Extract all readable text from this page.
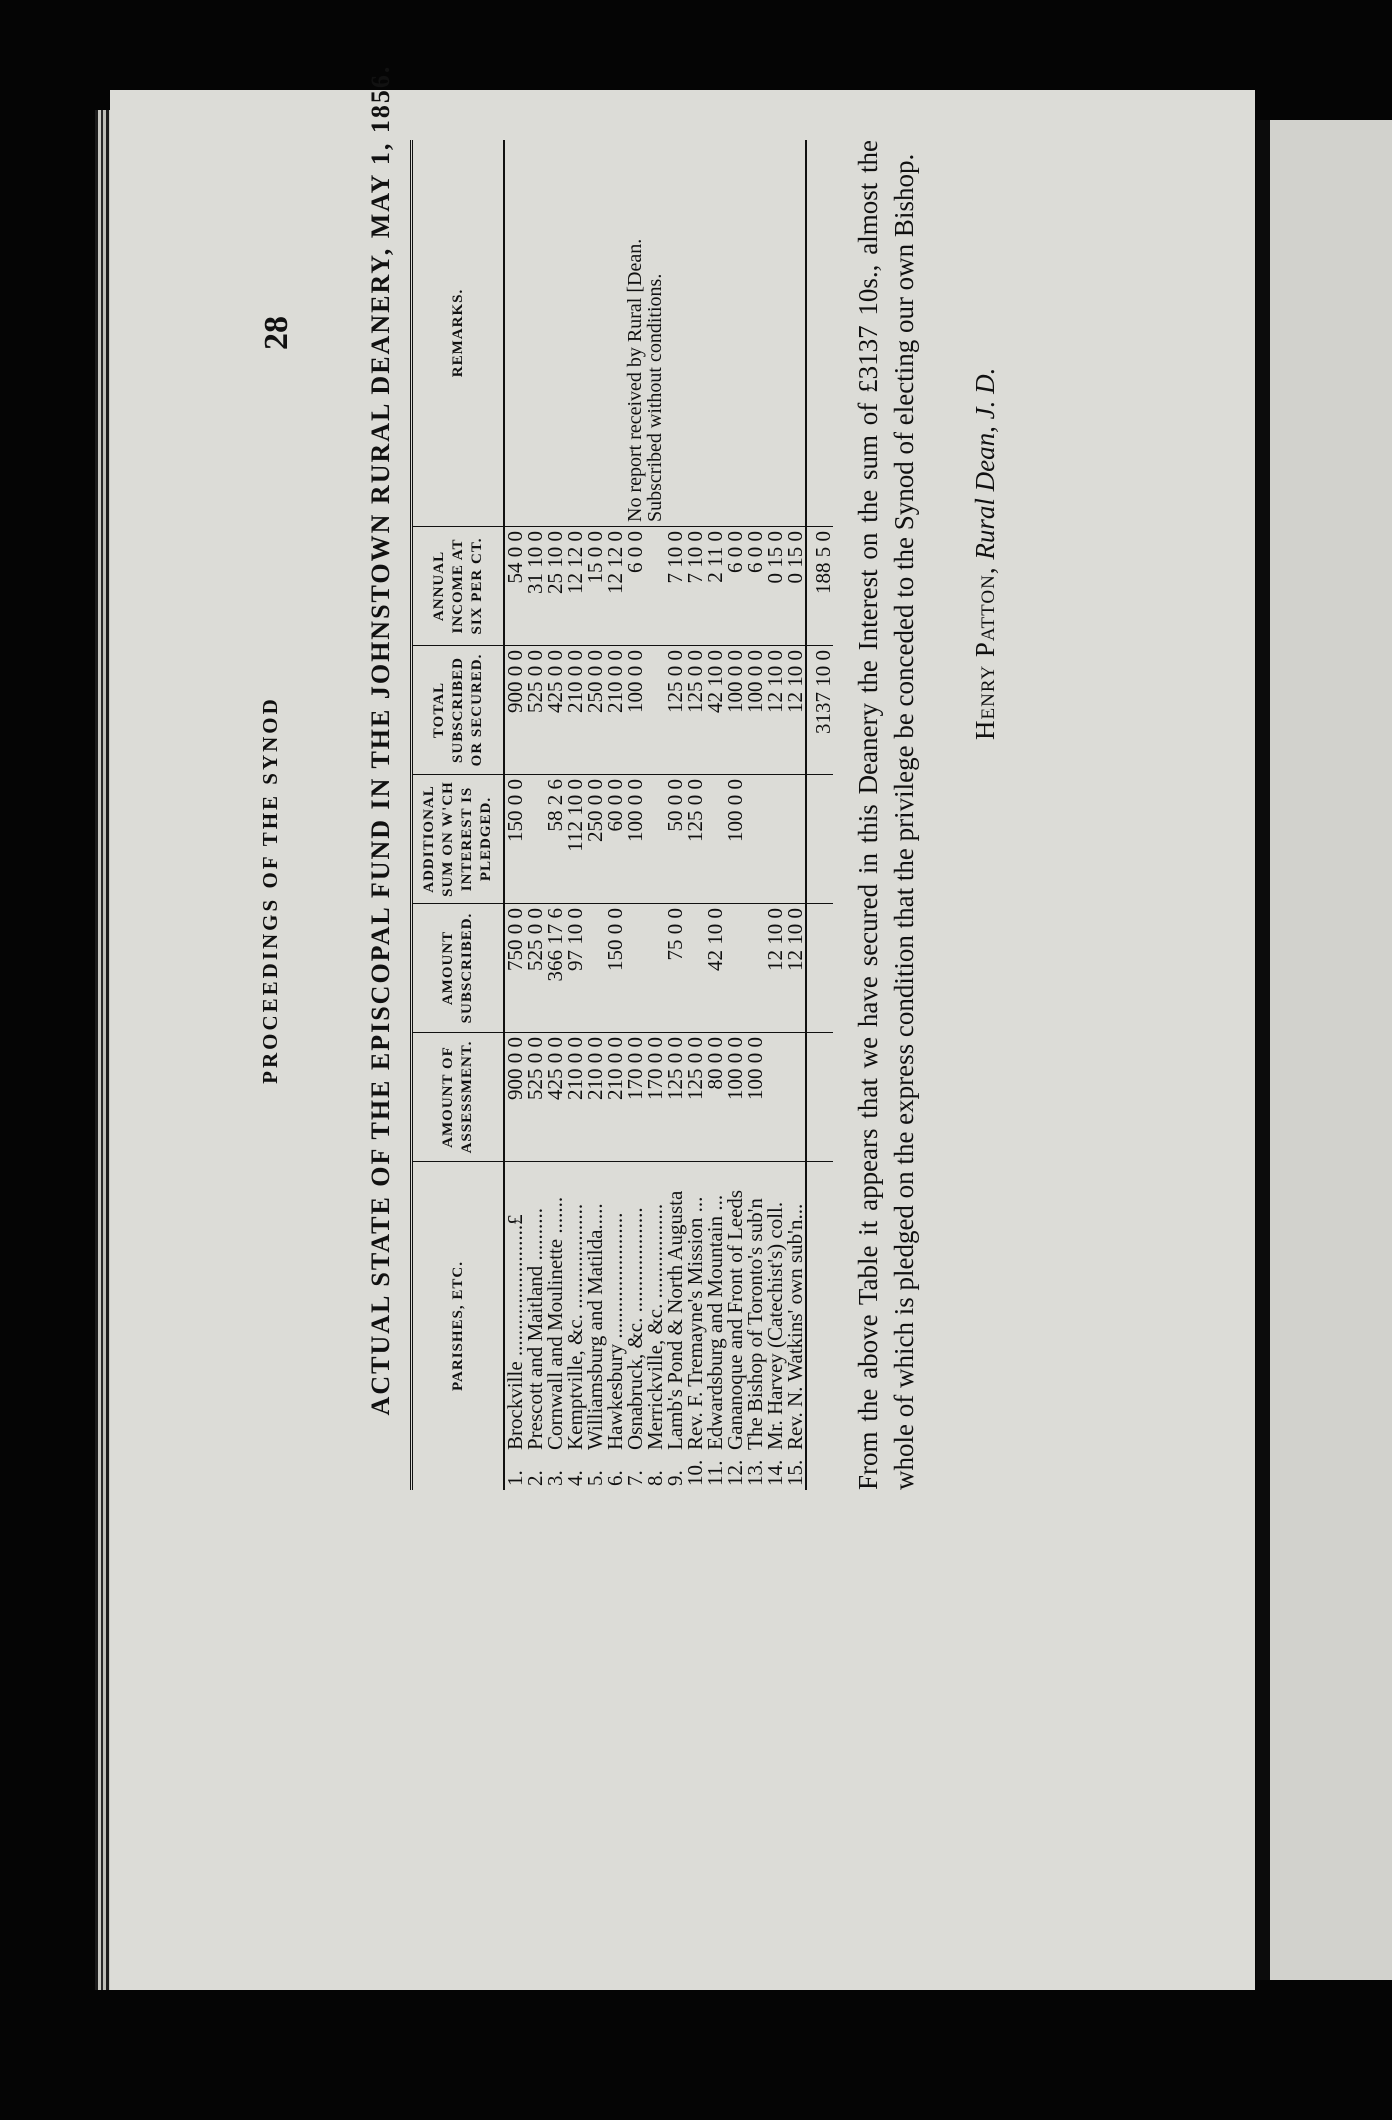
28
PROCEEDINGS OF THE SYNOD	ACTUAL STATE OF THE EPISCOPAL FUND IN THE JOHNSTOWN RURAL DEANERY, MAY 1, 1856.	PARISHES, ETC.	AMOUNT OF ASSESSMENT.	AMOUNT SUBSCRIBED.	ADDITIONAL SUM ON W'CH INTEREST IS PLEDGED.	TOTAL SUBSCRIBED OR SECURED.	ANNUAL INCOME AT SIX PER CT.	REMARKS.
1.Brockville .........................£	900 0 0	750 0 0	150 0 0	900 0 0	54 0 0	
2.Prescott and Maitland ..........	525 0 0	525 0 0		525 0 0	31 10 0	
3.Cornwall and Moulinette .......	425 0 0	366 17 6	58 2 6	425 0 0	25 10 0	
4.Kemptville, &c. ....................	210 0 0	97 10 0	112 10 0	210 0 0	12 12 0	
5.Williamsburg and Matilda.....	210 0 0		250 0 0	250 0 0	15 0 0	
6.Hawkesbury ........................	210 0 0	150 0 0	60 0 0	210 0 0	12 12 0	
7.Osnabruck, &c. ....................	170 0 0		100 0 0	100 0 0	6 0 0	No report received by Rural [Dean.
8.Merrickville, &c. ..................	170 0 0					Subscribed without conditions.
9.Lamb's Pond & North Augusta	125 0 0	75 0 0	50 0 0	125 0 0	7 10 0	
10.Rev. F. Tremayne's Mission ...	125 0 0		125 0 0	125 0 0	7 10 0	
11.Edwardsburg and Mountain ...	80 0 0	42 10 0		42 10 0	2 11 0	
12.Gananoque and Front of Leeds	100 0 0		100 0 0	100 0 0	6 0 0	
13.The Bishop of Toronto's sub'n	100 0 0			100 0 0	6 0 0	
14.Mr. Harvey (Catechist's) coll.		12 10 0		12 10 0	0 15 0	
15.Rev. N. Watkins' own sub'n...		12 10 0		12 10 0	0 15 0	
				3137 10 0	188 5 0	From the above Table it appears that we have secured in this Deanery the Interest on the sum of £3137 10s., almost the whole of which is pledged on the express condition that the privilege be conceded to the Synod of electing our own Bishop. Henry Patton, Rural Dean, J. D.
